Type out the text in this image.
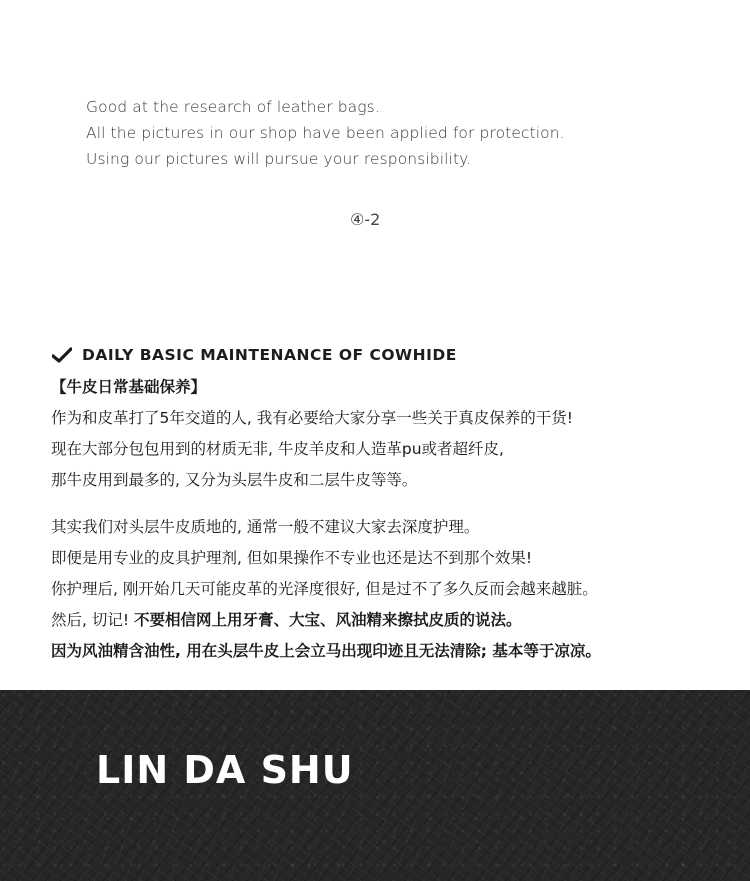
Good at the research of leather bags.
All the pictures in our shop have been applied for protection.
Using our pictures will pursue your responsibility.
④-2
DAILY BASIC MAINTENANCE OF COWHIDE
【牛皮日常基础保养】
作为和皮革打了5年交道的人, 我有必要给大家分享一些关于真皮保养的干货!
现在大部分包包用到的材质无非, 牛皮羊皮和人造革pu或者超纤皮,
那牛皮用到最多的, 又分为头层牛皮和二层牛皮等等。
其实我们对头层牛皮质地的, 通常一般不建议大家去深度护理。
即便是用专业的皮具护理剂, 但如果操作不专业也还是达不到那个效果!
你护理后, 刚开始几天可能皮革的光泽度很好, 但是过不了多久反而会越来越脏。
然后, 切记! 不要相信网上用牙膏、大宝、风油精来擦拭皮质的说法。
因为风油精含油性, 用在头层牛皮上会立马出现印迹且无法清除; 基本等于凉凉。
LIN DA SHU
